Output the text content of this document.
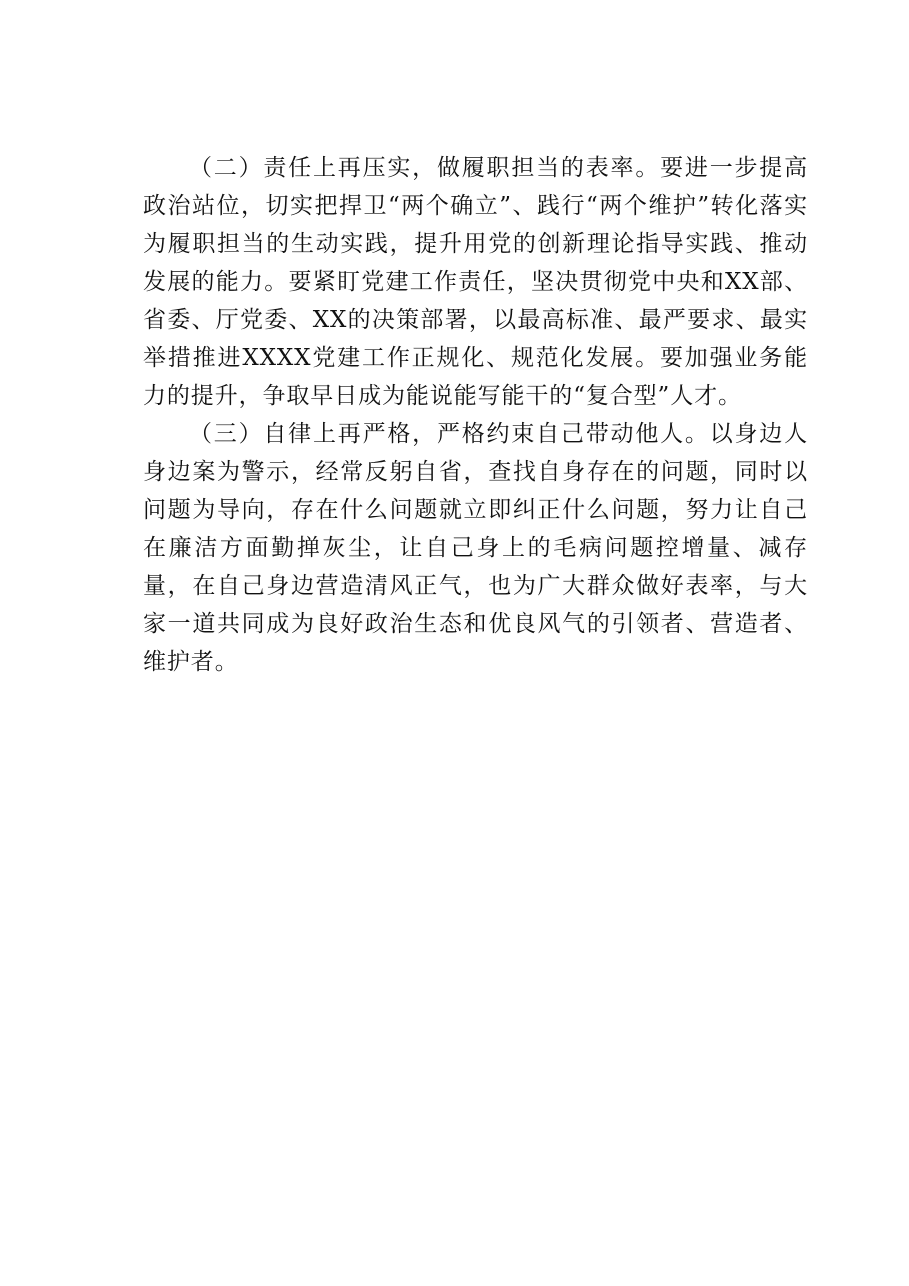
（二）责任上再压实，做履职担当的表率。要进一步提高政治站位，切实把捍卫“两个确立”、践行“两个维护”转化落实为履职担当的生动实践，提升用党的创新理论指导实践、推动发展的能力。要紧盯党建工作责任，坚决贯彻党中央和XX部、省委、厅党委、XX的决策部署，以最高标准、最严要求、最实举措推进XXXX党建工作正规化、规范化发展。要加强业务能力的提升，争取早日成为能说能写能干的“复合型”人才。

（三）自律上再严格，严格约束自己带动他人。以身边人身边案为警示，经常反躬自省，查找自身存在的问题，同时以问题为导向，存在什么问题就立即纠正什么问题，努力让自己在廉洁方面勤掸灰尘，让自己身上的毛病问题控增量、减存量，在自己身边营造清风正气，也为广大群众做好表率，与大家一道共同成为良好政治生态和优良风气的引领者、营造者、维护者。
